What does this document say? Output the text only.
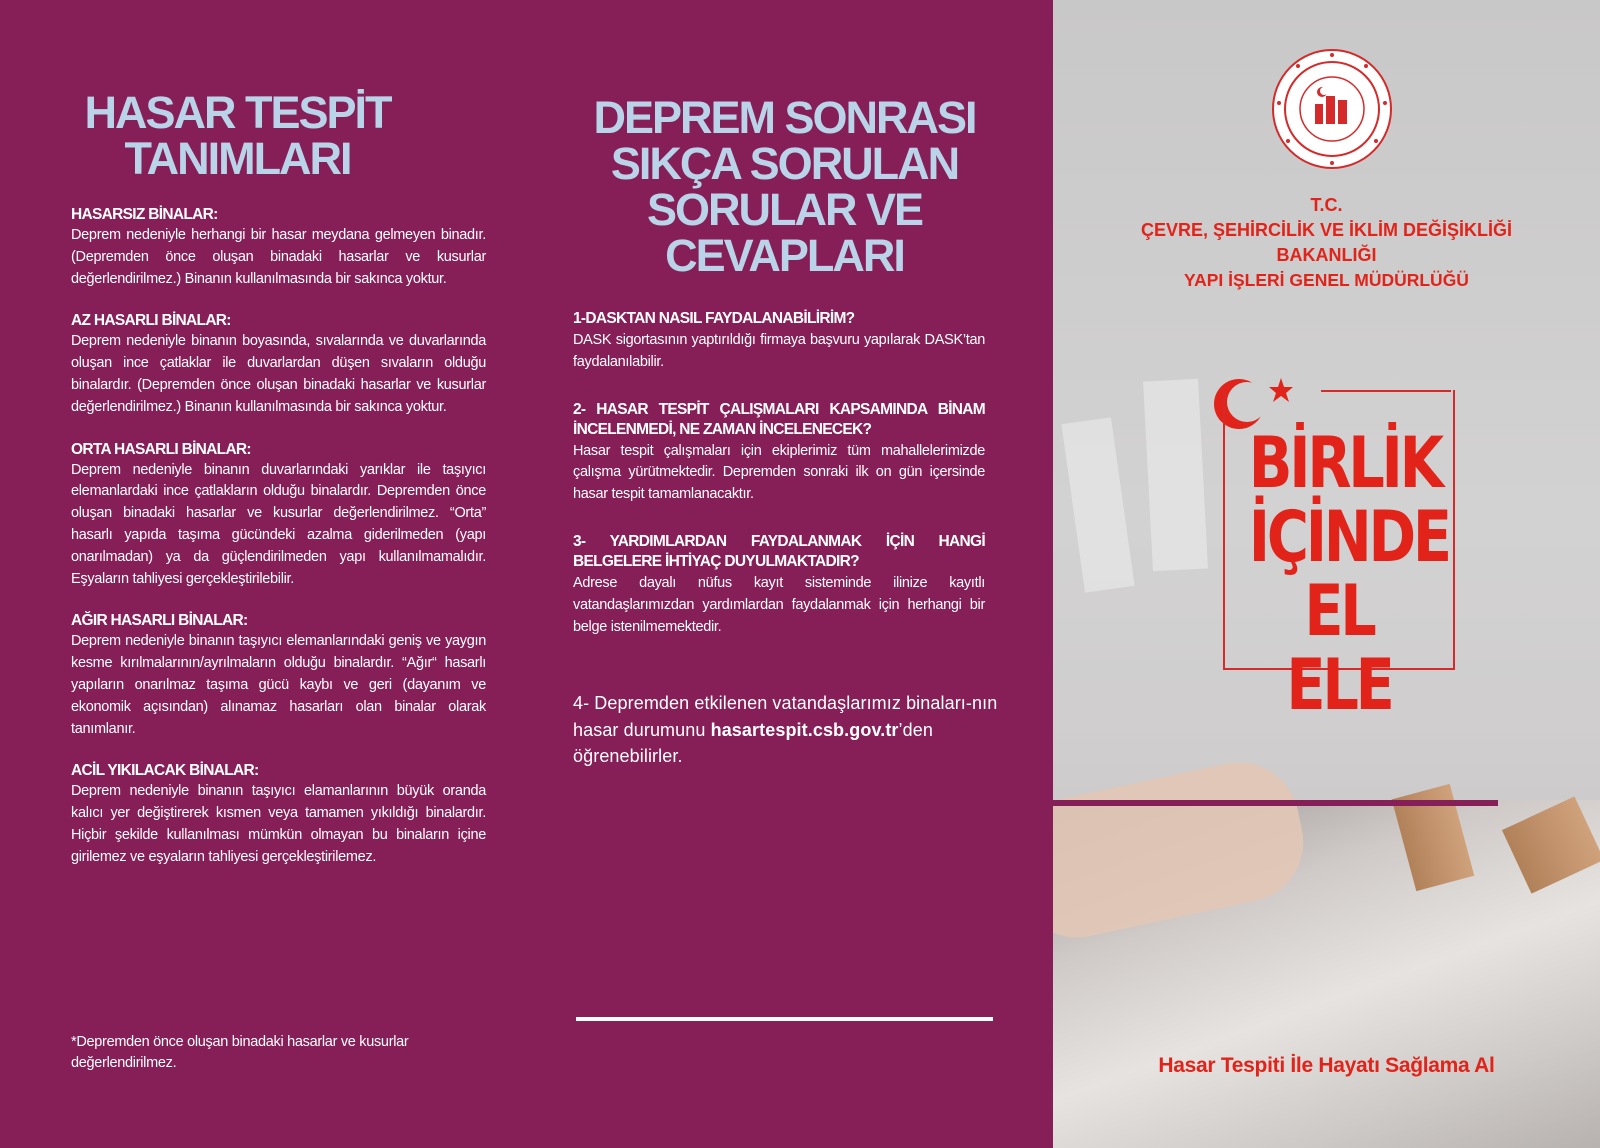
HASAR TESPİT TANIMLARI
HASARSIZ BİNALAR:

Deprem nedeniyle herhangi bir hasar meydana gelmeyen binadır. (Depremden önce oluşan binadaki hasarlar ve kusurlar değerlendirilmez.) Binanın kullanılmasında bir sakınca yoktur.

AZ HASARLI BİNALAR:

Deprem nedeniyle binanın boyasında, sıvalarında ve duvarlarında oluşan ince çatlaklar ile duvarlardan düşen sıvaların olduğu binalardır. (Depremden önce oluşan binadaki hasarlar ve kusurlar değerlendirilmez.) Binanın kullanılmasında bir sakınca yoktur.

ORTA HASARLI BİNALAR:

Deprem nedeniyle binanın duvarlarındaki yarıklar ile taşıyıcı elemanlardaki ince çatlakların olduğu binalardır. Depremden önce oluşan binadaki hasarlar ve kusurlar değerlendirilmez. “Orta” hasarlı yapıda taşıma gücündeki azalma giderilmeden (yapı onarılmadan) ya da güçlendirilmeden yapı kullanılmamalıdır. Eşyaların tahliyesi gerçekleştirilebilir.

AĞIR HASARLI BİNALAR:

Deprem nedeniyle binanın taşıyıcı elemanlarındaki geniş ve yaygın kesme kırılmalarının/ayrılmaların olduğu binalardır. “Ağır“ hasarlı yapıların onarılmaz taşıma gücü kaybı ve geri (dayanım ve ekonomik açısından) alınamaz hasarları olan binalar olarak tanımlanır.

ACİL YIKILACAK BİNALAR:

Deprem nedeniyle binanın taşıyıcı elamanlarının büyük oranda kalıcı yer değiştirerek kısmen veya tamamen yıkıldığı binalardır. Hiçbir şekilde kullanılması mümkün olmayan bu binaların içine girilemez ve eşyaların tahliyesi gerçekleştirilemez.

*Depremden önce oluşan binadaki hasarlar ve kusurlar değerlendirilmez.
DEPREM SONRASI SIKÇA SORULAN SORULAR VE CEVAPLARI
1-DASKTAN NASIL FAYDALANABİLİRİM?

DASK sigortasının yaptırıldığı firmaya başvuru yapılarak DASK’tan faydalanılabilir.

2- HASAR TESPİT ÇALIŞMALARI KAPSAMINDA BİNAM İNCELENMEDİ, NE ZAMAN İNCELENECEK?

Hasar tespit çalışmaları için ekiplerimiz tüm mahallelerimizde çalışma yürütmektedir. Depremden sonraki ilk on gün içersinde hasar tespit tamamlanacaktır.

3- YARDIMLARDAN FAYDALANMAK İÇİN HANGİ BELGELERE İHTİYAÇ DUYULMAKTADIR?

Adrese dayalı nüfus kayıt sisteminde ilinize kayıtlı vatandaşlarımızdan yardımlardan faydalanmak için herhangi bir belge istenilmemektedir.

4- Depremden etkilenen vatandaşlarımız binaları-nın hasar durumunu hasartespit.csb.gov.tr’den öğrenebilirler.
T.C.
ÇEVRE, ŞEHİRCİLİK VE İKLİM DEĞİŞİKLİĞİ
BAKANLIĞI
YAPI İŞLERİ GENEL MÜDÜRLÜĞÜ
BİRLİK
İÇİNDE
EL ELE
Hasar Tespiti İle Hayatı Sağlama Al
